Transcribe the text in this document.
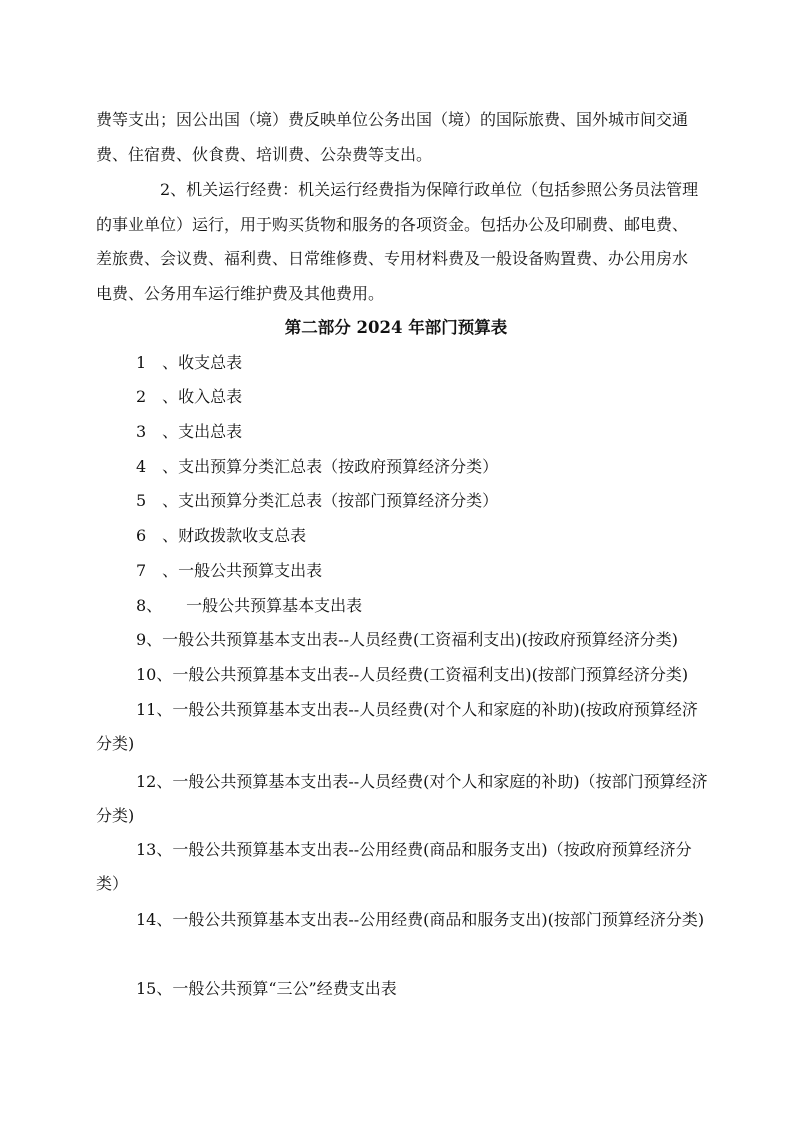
费等支出；因公出国（境）费反映单位公务出国（境）的国际旅费、国外城市间交通费、住宿费、伙食费、培训费、公杂费等支出。

2、机关运行经费：机关运行经费指为保障行政单位（包括参照公务员法管理的事业单位）运行，用于购买货物和服务的各项资金。包括办公及印刷费、邮电费、差旅费、会议费、福利费、日常维修费、专用材料费及一般设备购置费、办公用房水电费、公务用车运行维护费及其他费用。

第二部分 2024 年部门预算表

1　、收支总表

2　、收入总表

3　、支出总表

4　、支出预算分类汇总表（按政府预算经济分类）

5　、支出预算分类汇总表（按部门预算经济分类）

6　、财政拨款收支总表

7　、一般公共预算支出表

8、　　一般公共预算基本支出表

9、一般公共预算基本支出表--人员经费(工资福利支出)(按政府预算经济分类)

10、一般公共预算基本支出表--人员经费(工资福利支出)(按部门预算经济分类)

11、一般公共预算基本支出表--人员经费(对个人和家庭的补助)(按政府预算经济分类)

12、一般公共预算基本支出表--人员经费(对个人和家庭的补助)（按部门预算经济分类)

13、一般公共预算基本支出表--公用经费(商品和服务支出)（按政府预算经济分类）

14、一般公共预算基本支出表--公用经费(商品和服务支出)(按部门预算经济分类)

15、一般公共预算“三公”经费支出表
